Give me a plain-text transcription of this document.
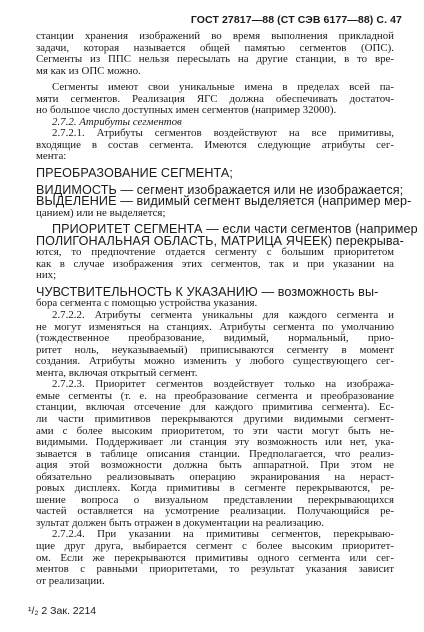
ГОСТ 27817—88 (СТ СЭВ 6177—88) С. 47
станции хранения изображений во время выполнения прикладной
задачи, которая называется общей памятью сегментов (ОПС).
Сегменты из ППС нельзя пересылать на другие станции, в то вре-
мя как из ОПС можно.
Сегменты имеют свои уникальные имена в пределах всей па-
мяти сегментов. Реализация ЯГС должна обеспечивать достаточ-
но большое число доступных имен сегментов (например 32000).
2.7.2. Атрибуты сегментов
2.7.2.1. Атрибуты сегментов воздействуют на все примитивы,
входящие в состав сегмента. Имеются следующие атрибуты сег-
мента:
ПРЕОБРАЗОВАНИЕ СЕГМЕНТА;
ВИДИМОСТЬ — сегмент изображается или не изображается;
ВЫДЕЛЕНИЕ — видимый сегмент выделяется (например мер-
цанием) или не выделяется;
ПРИОРИТЕТ СЕГМЕНТА — если части сегментов (например
ПОЛИГОНАЛЬНАЯ ОБЛАСТЬ, МАТРИЦА ЯЧЕЕК) перекрыва-
ются, то предпочтение отдается сегменту с большим приоритетом
как в случае изображения этих сегментов, так и при указании на
них;
ЧУВСТВИТЕЛЬНОСТЬ К УКАЗАНИЮ — возможность вы-
бора сегмента с помощью устройства указания.
2.7.2.2. Атрибуты сегмента уникальны для каждого сегмента и
не могут изменяться на станциях. Атрибуты сегмента по умолчанию
(тождественное преобразование, видимый, нормальный, прио-
ритет ноль, неуказываемый) приписываются сегменту в момент
создания. Атрибуты можно изменить у любого существующего сег-
мента, включая открытый сегмент.
2.7.2.3. Приоритет сегментов воздействует только на изобража-
емые сегменты (т. е. на преобразование сегмента и преобразование
станции, включая отсечение для каждого примитива сегмента). Ес-
ли части примитивов перекрываются другими видимыми сегмент-
ами с более высоким приоритетом, то эти части могут быть не-
видимыми. Поддерживает ли станция эту возможность или нет, ука-
зывается в таблице описания станции. Предполагается, что реализ-
ация этой возможности должна быть аппаратной. При этом не
обязательно реализовывать операцию экранирования на нераст-
ровых дисплеях. Когда примитивы в сегменте перекрываются, ре-
шение вопроса о визуальном представлении перекрывающихся
частей оставляется на усмотрение реализации. Получающийся ре-
зультат должен быть отражен в документации на реализацию.
2.7.2.4. При указании на примитивы сегментов, перекрываю-
щие друг друга, выбирается сегмент с более высоким приоритет-
ом. Если же перекрываются примитивы одного сегмента или сег-
ментов с равными приоритетами, то результат указания зависит
от реализации.
¹/₂ 2 Зак. 2214
